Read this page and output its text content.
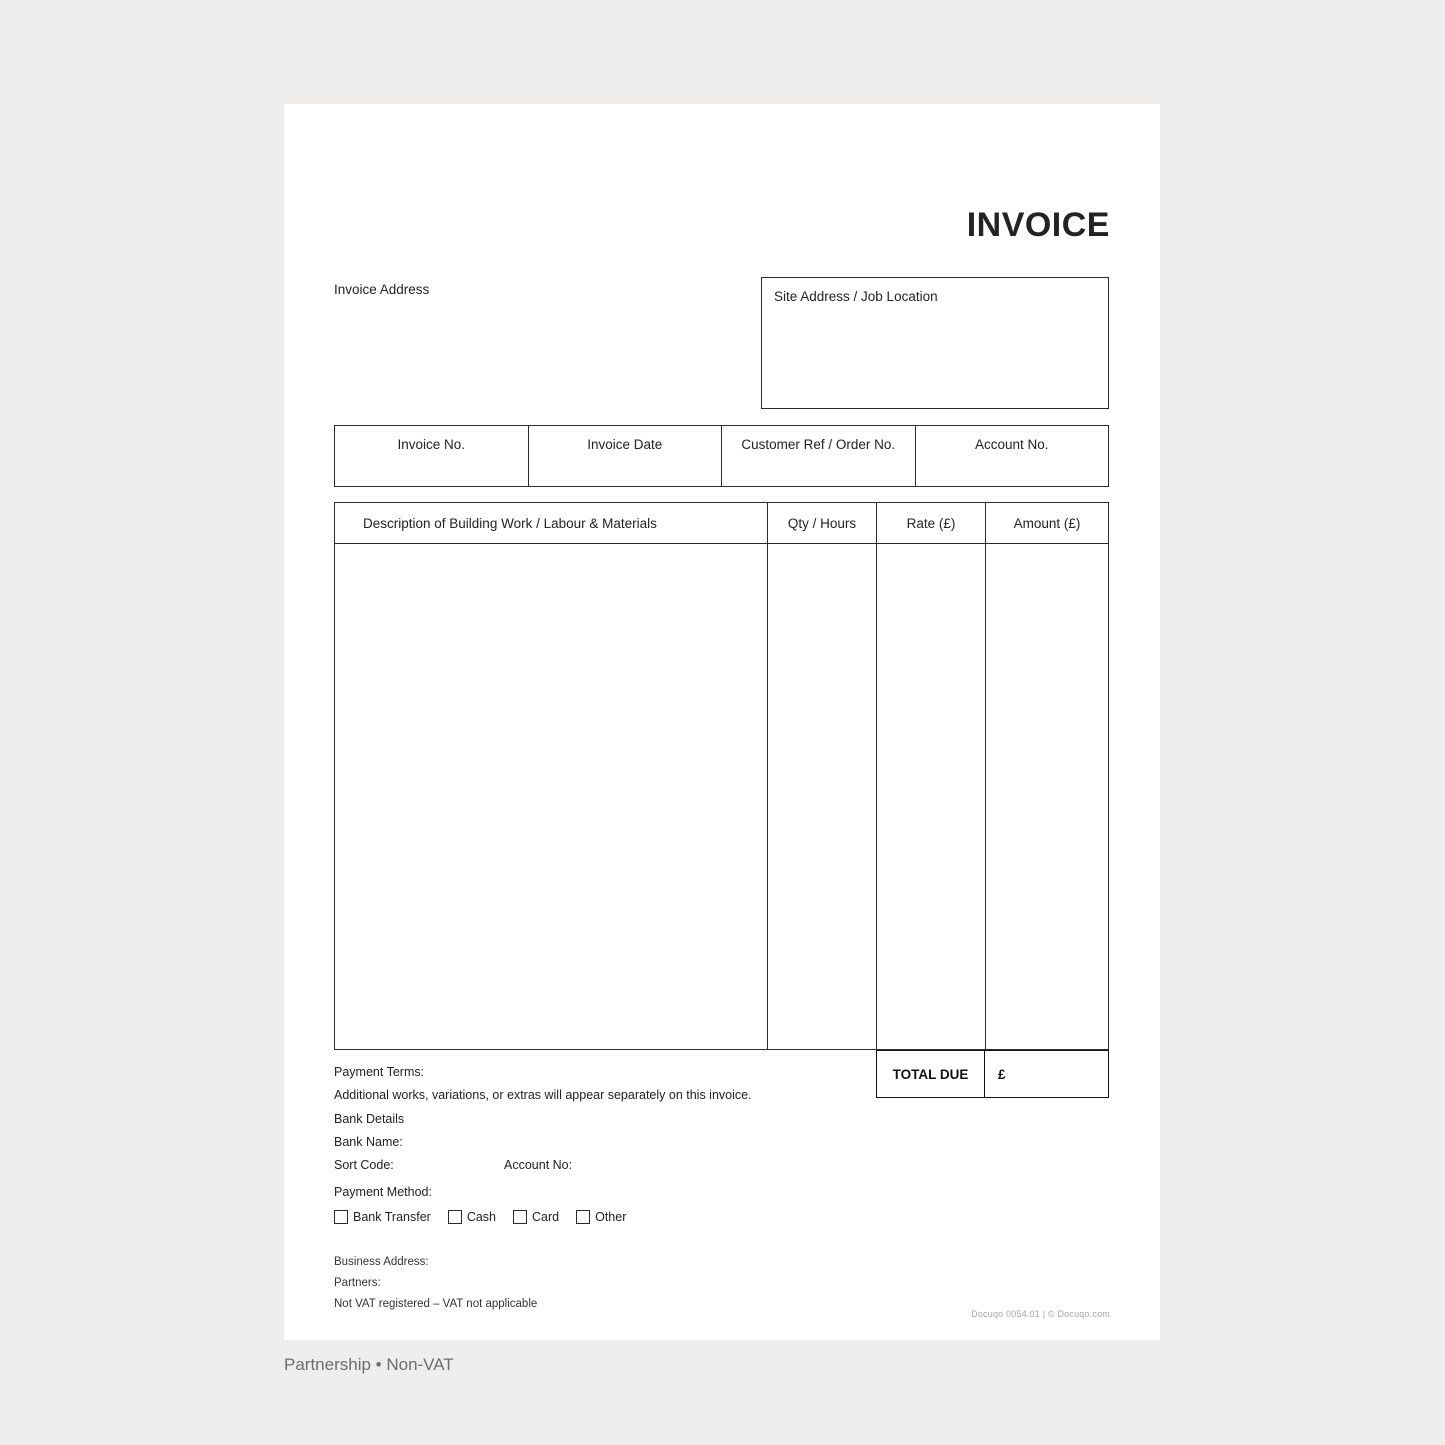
INVOICE
Invoice Address	Site Address / Job Location
Invoice No.	Invoice Date	Customer Ref / Order No.	Account No.
Description of Building Work / Labour & Materials	Qty / Hours	Rate (£)	Amount (£)
TOTAL DUE	£
Payment Terms:
Additional works, variations, or extras will appear separately on this invoice.
Bank Details
Bank Name:
Sort Code:	Account No:
Payment Method:
Bank Transfer	Cash	Card	Other
Business Address:
Partners:
Not VAT registered – VAT not applicable
Docuqo 0054.01 | © Docuqo.com
Partnership • Non-VAT
